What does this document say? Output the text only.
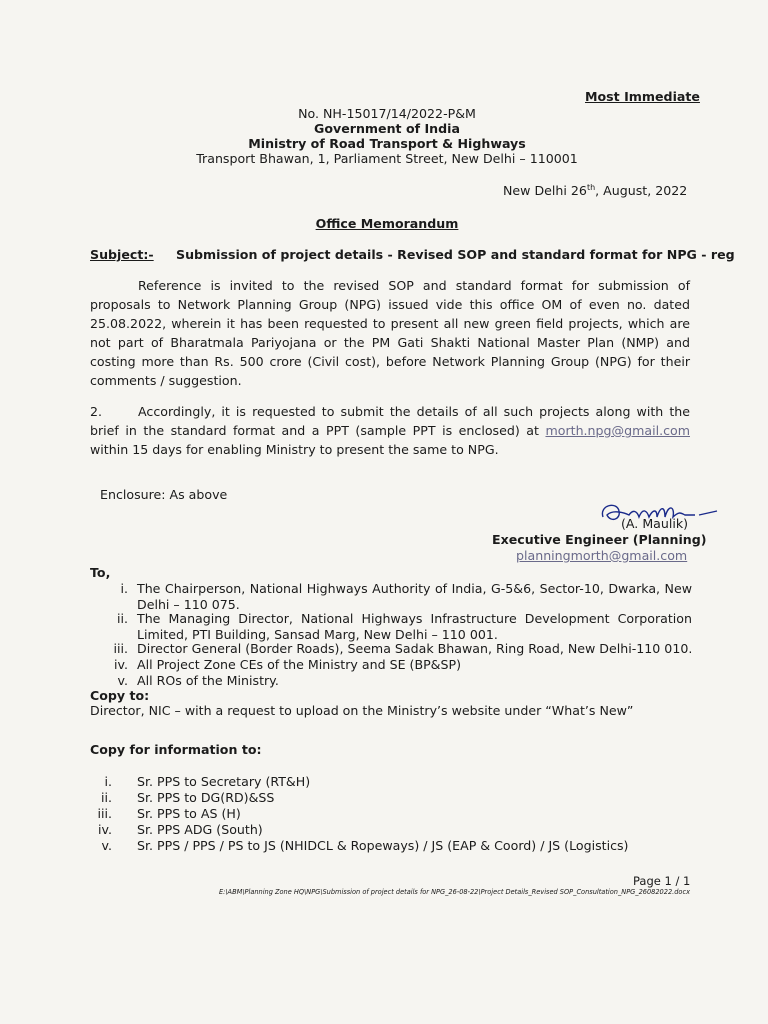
Most Immediate
No. NH-15017/14/2022-P&M
Government of India
Ministry of Road Transport & Highways
Transport Bhawan, 1, Parliament Street, New Delhi – 110001
New Delhi 26th, August, 2022
Office Memorandum
Subject:- Submission of project details - Revised SOP and standard format for NPG - reg

Reference is invited to the revised SOP and standard format for submission of proposals to Network Planning Group (NPG) issued vide this office OM of even no. dated 25.08.2022, wherein it has been requested to present all new green field projects, which are not part of Bharatmala Pariyojana or the PM Gati Shakti National Master Plan (NMP) and costing more than Rs. 500 crore (Civil cost), before Network Planning Group (NPG) for their comments / suggestion.

2.	Accordingly, it is requested to submit the details of all such projects along with the brief in the standard format and a PPT (sample PPT is enclosed) at morth.npg@gmail.com within 15 days for enabling Ministry to present the same to NPG.

Enclosure: As above
(A. Maulik)
Executive Engineer (Planning)
planningmorth@gmail.com
To,
i. The Chairperson, National Highways Authority of India, G-5&6, Sector-10, Dwarka, New Delhi – 110 075.
ii. The Managing Director, National Highways Infrastructure Development Corporation Limited, PTI Building, Sansad Marg, New Delhi – 110 001.
iii. Director General (Border Roads), Seema Sadak Bhawan, Ring Road, New Delhi-110 010.
iv. All Project Zone CEs of the Ministry and SE (BP&SP)
v. All ROs of the Ministry.
Copy to:
Director, NIC – with a request to upload on the Ministry’s website under “What’s New”
Copy for information to:
i. Sr. PPS to Secretary (RT&H)
ii. Sr. PPS to DG(RD)&SS
iii. Sr. PPS to AS (H)
iv. Sr. PPS ADG (South)
v. Sr. PPS / PPS / PS to JS (NHIDCL & Ropeways) / JS (EAP & Coord) / JS (Logistics)
Page 1 / 1
E:\ABM\Planning Zone HQ\NPG\Submission of project details for NPG_26-08-22\Project Details_Revised SOP_Consultation_NPG_26082022.docx
